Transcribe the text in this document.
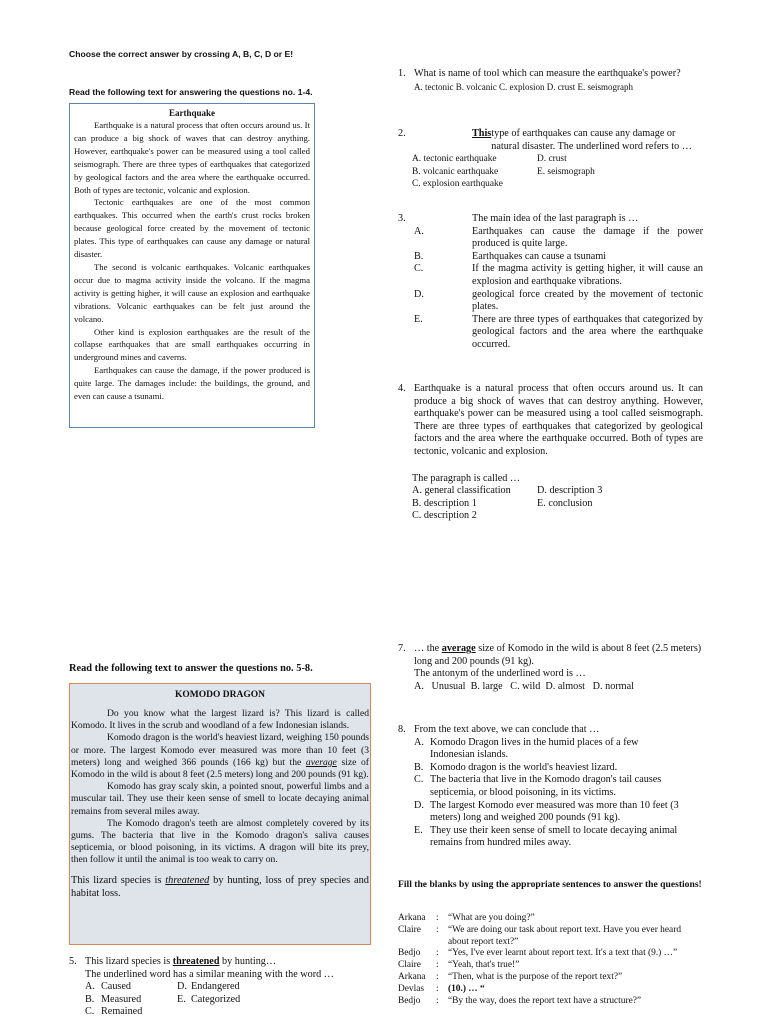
Choose the correct answer by crossing A, B, C, D or E!
Read the following text for answering the questions no. 1-4.
Earthquake

Earthquake is a natural process that often occurs around us. It can produce a big shock of waves that can destroy anything. However, earthquake's power can be measured using a tool called seismograph. There are three types of earthquakes that categorized by geological factors and the area where the earthquake occurred. Both of types are tectonic, volcanic and explosion.

Tectonic earthquakes are one of the most common earthquakes. This occurred when the earth's crust rocks broken because geological force created by the movement of tectonic plates. This type of earthquakes can cause any damage or natural disaster.

The second is volcanic earthquakes. Volcanic earthquakes occur due to magma activity inside the volcano. If the magma activity is getting higher, it will cause an explosion and earthquake vibrations. Volcanic earthquakes can be felt just around the volcano.

Other kind is explosion earthquakes are the result of the collapse earthquakes that are small earthquakes occurring in underground mines and caverns.

Earthquakes can cause the damage, if the power produced is quite large. The damages include: the buildings, the ground, and even can cause a tsunami.

Read the following text to answer the questions no. 5-8.
KOMODO DRAGON

Do you know what the largest lizard is? This lizard is called Komodo. It lives in the scrub and woodland of a few Indonesian islands.

Komodo dragon is the world's heaviest lizard, weighing 150 pounds or more. The largest Komodo ever measured was more than 10 feet (3 meters) long and weighed 366 pounds (166 kg) but the average size of Komodo in the wild is about 8 feet (2.5 meters) long and 200 pounds (91 kg).

Komodo has gray scaly skin, a pointed snout, powerful limbs and a muscular tail. They use their keen sense of smell to locate decaying animal remains from several miles away.

The Komodo dragon's teeth are almost completely covered by its gums. The bacteria that live in the Komodo dragon's saliva causes septicemia, or blood poisoning, in its victims. A dragon will bite its prey, then follow it until the animal is too weak to carry on.

This lizard species is threatened by hunting, loss of prey species and habitat loss.

5. This lizard species is threatened by hunting…
The underlined word has a similar meaning with the word …
A. Caused	D. Endangered
B. Measured	E. Categorized
C. Remained
1. What is name of tool which can measure the earthquake's power?
A. tectonic B. volcanic C. explosion D. crust E. seismograph
2.	This type of earthquakes can cause any damage or natural disaster. The underlined word refers to …
A. tectonic earthquake	D. crust
B. volcanic earthquake	E. seismograph
C. explosion earthquake
3.	The main idea of the last paragraph is …
A.	Earthquakes can cause the damage if the power produced is quite large.
B.	Earthquakes can cause a tsunami
C.	If the magma activity is getting higher, it will cause an explosion and earthquake vibrations.
D.	geological force created by the movement of tectonic plates.
E.	There are three types of earthquakes that categorized by geological factors and the area where the earthquake occurred.
4. Earthquake is a natural process that often occurs around us. It can produce a big shock of waves that can destroy anything. However, earthquake's power can be measured using a tool called seismograph. There are three types of earthquakes that categorized by geological factors and the area where the earthquake occurred. Both of types are tectonic, volcanic and explosion.
The paragraph is called …
A. general classification	D. description 3
B. description 1	E. conclusion
C. description 2
7. … the average size of Komodo in the wild is about 8 feet (2.5 meters) long and 200 pounds (91 kg).
The antonym of the underlined word is …
A.   Unusual  B. large   C. wild  D. almost   D. normal
8. From the text above, we can conclude that …
A. Komodo Dragon lives in the humid places of a few Indonesian islands.
B. Komodo dragon is the world's heaviest lizard.
C. The bacteria that live in the Komodo dragon's tail causes septicemia, or blood poisoning, in its victims.
D. The largest Komodo ever measured was more than 10 feet (3 meters) long and weighed 200 pounds (91 kg).
E. They use their keen sense of smell to locate decaying animal remains from hundred miles away.
Fill the blanks by using the appropriate sentences to answer the questions!
Arkana	: “What are you doing?”
Claire	: “We are doing our task about report text. Have you ever heard about report text?”
Bedjo	: “Yes, I've ever learnt about report text. It's a text that (9.) …”
Claire	: “Yeah, that's true!”
Arkana	: “Then, what is the purpose of the report text?”
Devlas	: (10.) … “
Bedjo	: “By the way, does the report text have a structure?”
